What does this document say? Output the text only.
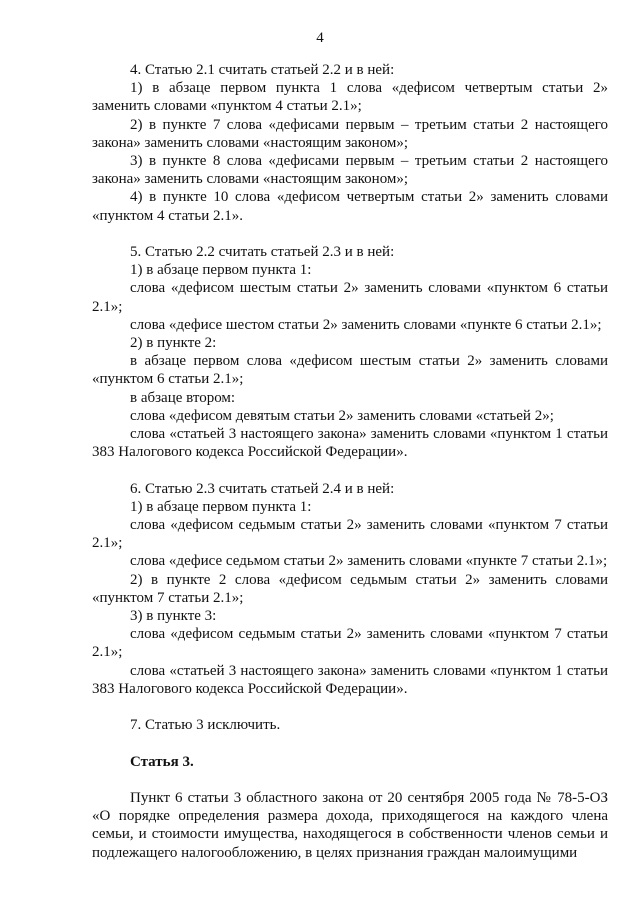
4

4. Статью 2.1 считать статьей 2.2 и в ней:

1) в абзаце первом пункта 1 слова «дефисом четвертым статьи 2» заменить словами «пунктом 4 статьи 2.1»;

2) в пункте 7 слова «дефисами первым – третьим статьи 2 настоящего закона» заменить словами «настоящим законом»;

3) в пункте 8 слова «дефисами первым – третьим статьи 2 настоящего закона» заменить словами «настоящим законом»;

4) в пункте 10 слова «дефисом четвертым статьи 2» заменить словами «пунктом 4 статьи 2.1».

5. Статью 2.2 считать статьей 2.3 и в ней:

1) в абзаце первом пункта 1:

слова «дефисом шестым статьи 2» заменить словами «пунктом 6 статьи 2.1»;

слова «дефисе шестом статьи 2» заменить словами «пункте 6 статьи 2.1»;

2) в пункте 2:

в абзаце первом слова «дефисом шестым статьи 2» заменить словами «пунктом 6 статьи 2.1»;

в абзаце втором:

слова «дефисом девятым статьи 2» заменить словами «статьей 2»;

слова «статьей 3 настоящего закона» заменить словами «пунктом 1 статьи 383 Налогового кодекса Российской Федерации».

6. Статью 2.3 считать статьей 2.4 и в ней:

1) в абзаце первом пункта 1:

слова «дефисом седьмым статьи 2» заменить словами «пунктом 7 статьи 2.1»;

слова «дефисе седьмом статьи 2» заменить словами «пункте 7 статьи 2.1»;

2) в пункте 2 слова «дефисом седьмым статьи 2» заменить словами «пунктом 7 статьи 2.1»;

3) в пункте 3:

слова «дефисом седьмым статьи 2» заменить словами «пунктом 7 статьи 2.1»;

слова «статьей 3 настоящего закона» заменить словами «пунктом 1 статьи 383 Налогового кодекса Российской Федерации».

7. Статью 3 исключить.

Статья 3.

Пункт 6 статьи 3 областного закона от 20 сентября 2005 года № 78-5-ОЗ «О порядке определения размера дохода, приходящегося на каждого члена семьи, и стоимости имущества, находящегося в собственности членов семьи и подлежащего налогообложению, в целях признания граждан малоимущими
